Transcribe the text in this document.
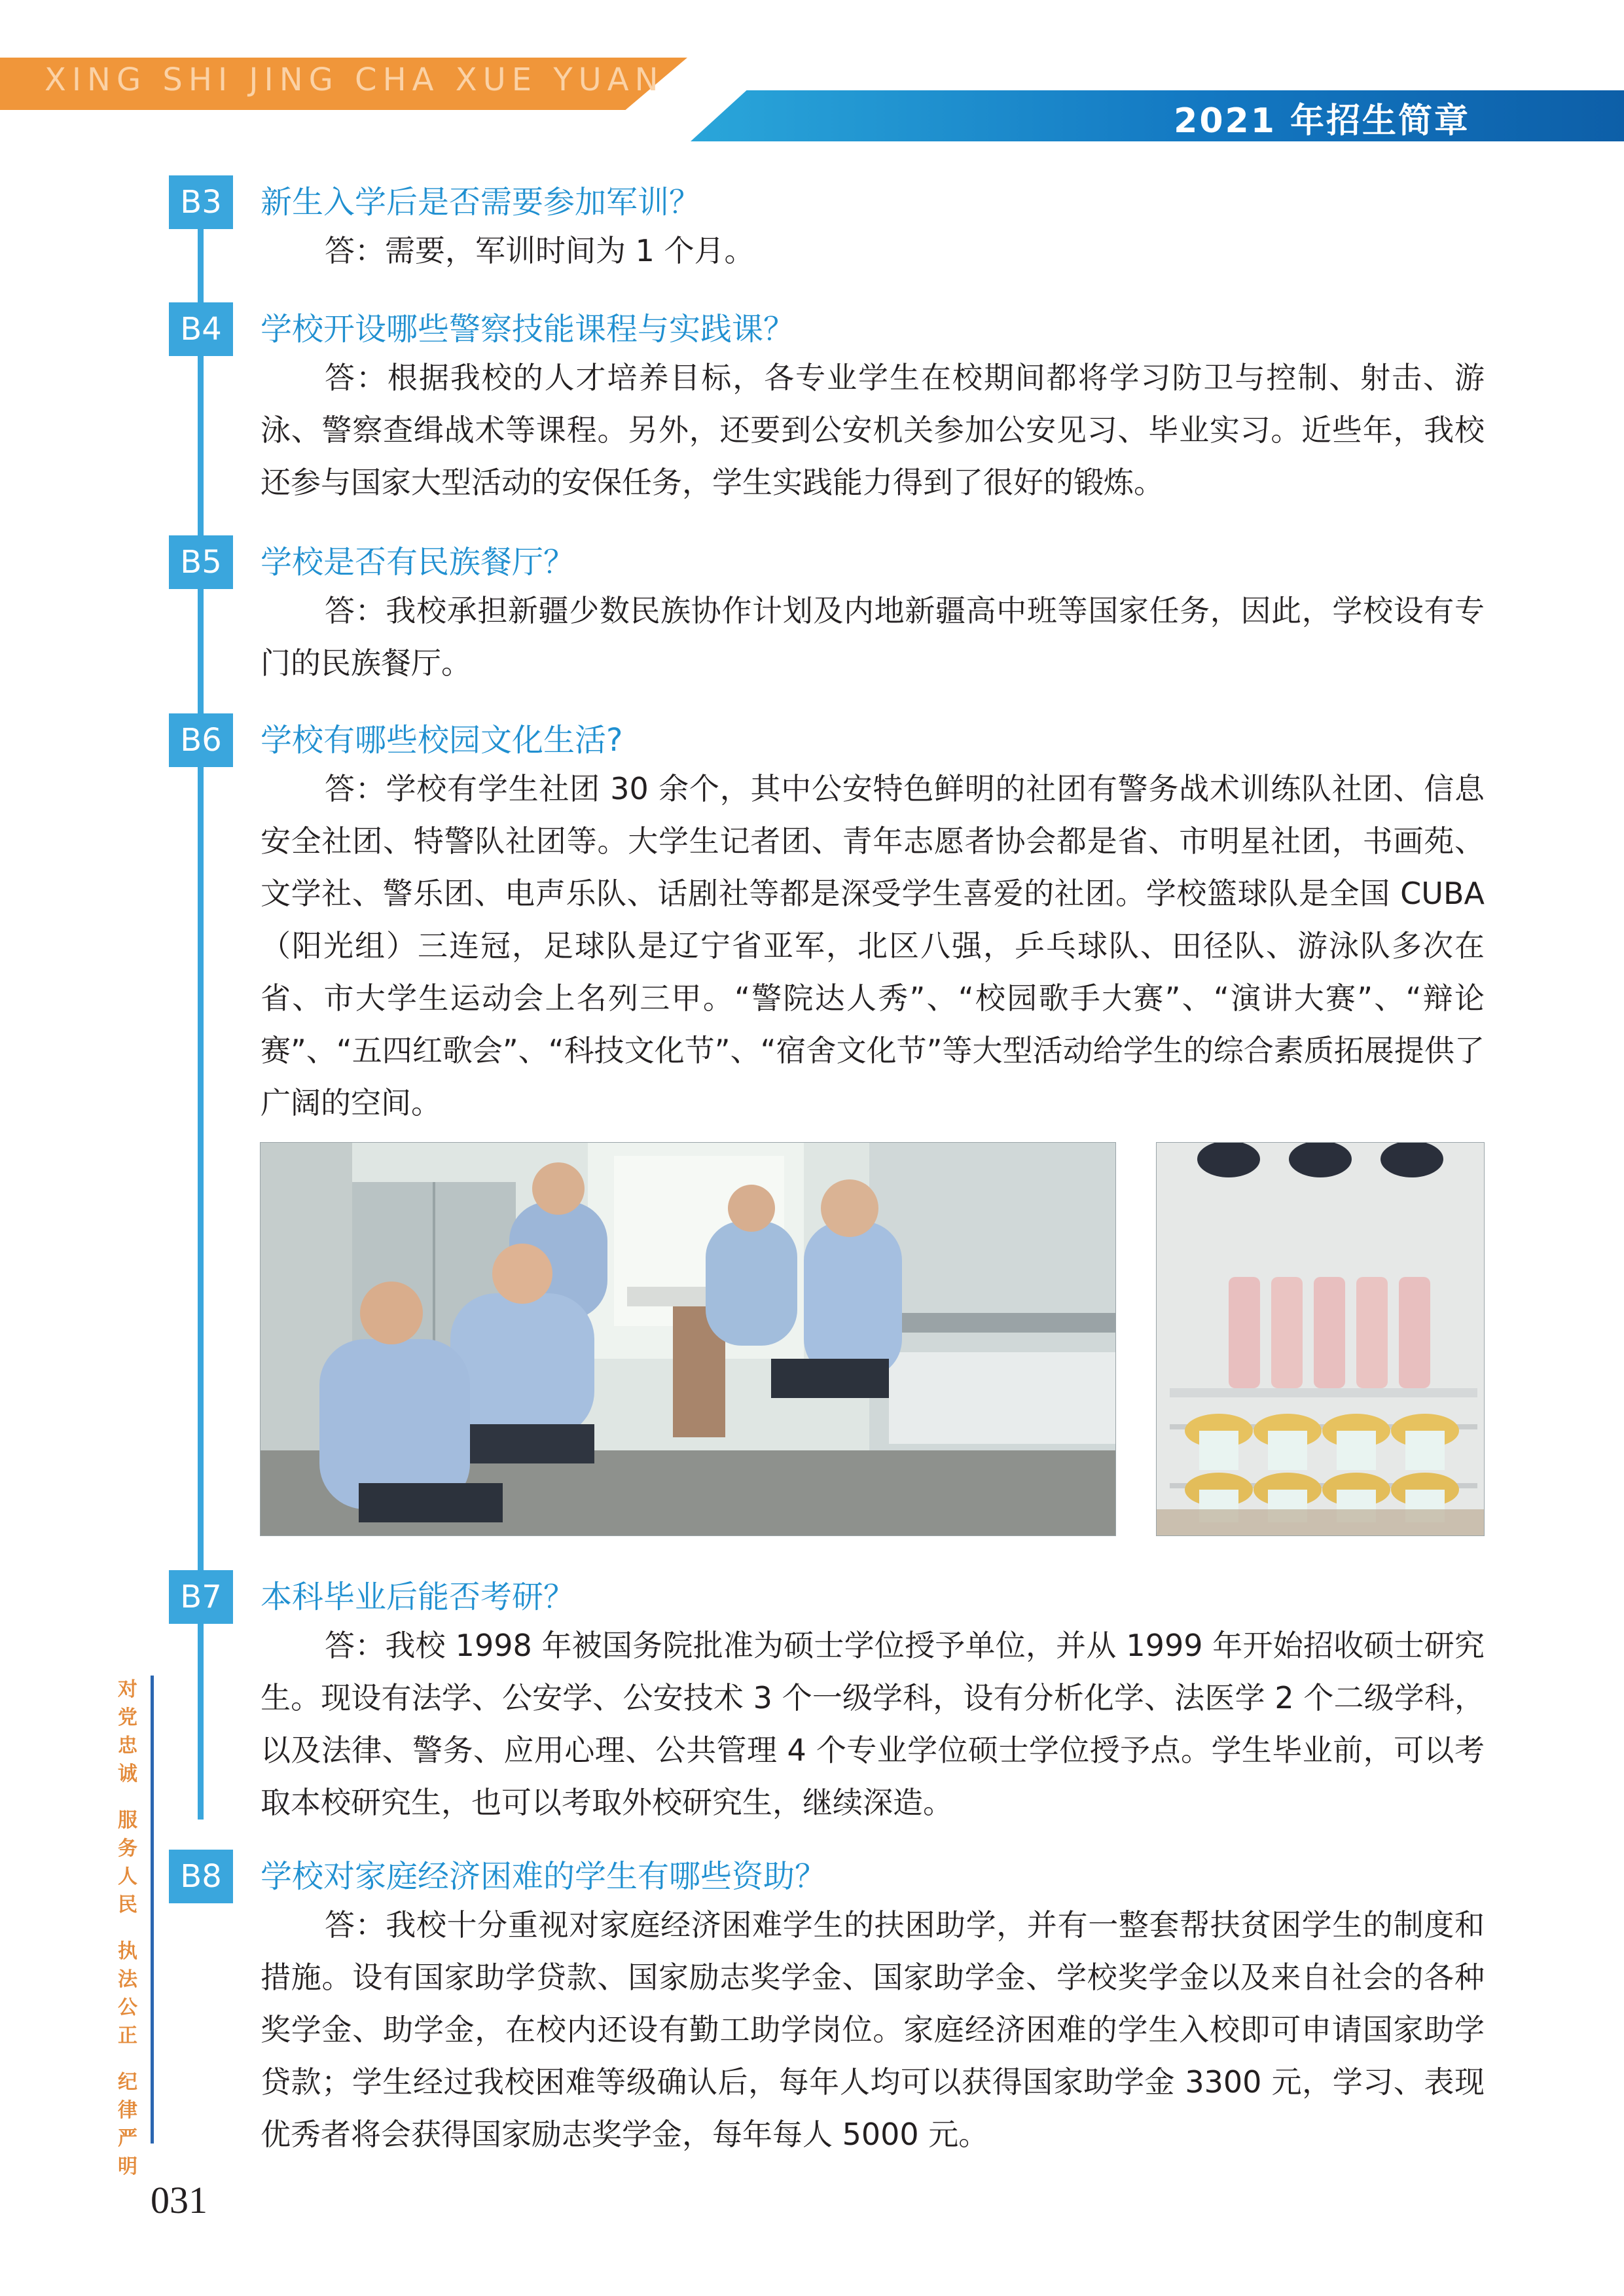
XING SHI JING CHA XUE YUAN
2021 年招生简章
对
党
忠
诚
服
务
人
民
执
法
公
正
纪
律
严
明
B3	新生入学后是否需要参加军训？

答：需要，军训时间为 1 个月。

B4	学校开设哪些警察技能课程与实践课？

答：根据我校的人才培养目标，各专业学生在校期间都将学习防卫与控制、射击、游泳、警察查缉战术等课程。另外，还要到公安机关参加公安见习、毕业实习。近些年，我校还参与国家大型活动的安保任务，学生实践能力得到了很好的锻炼。

B5	学校是否有民族餐厅？

答：我校承担新疆少数民族协作计划及内地新疆高中班等国家任务，因此，学校设有专门的民族餐厅。

B6	学校有哪些校园文化生活?

答：学校有学生社团 30 余个，其中公安特色鲜明的社团有警务战术训练队社团、信息安全社团、特警队社团等。大学生记者团、青年志愿者协会都是省、市明星社团，书画苑、文学社、警乐团、电声乐队、话剧社等都是深受学生喜爱的社团。学校篮球队是全国 CUBA（阳光组）三连冠，足球队是辽宁省亚军，北区八强，乒乓球队、田径队、游泳队多次在省、市大学生运动会上名列三甲。“警院达人秀”、“校园歌手大赛”、“演讲大赛”、“辩论赛”、“五四红歌会”、“科技文化节”、“宿舍文化节”等大型活动给学生的综合素质拓展提供了广阔的空间。

B7	本科毕业后能否考研？

答：我校 1998 年被国务院批准为硕士学位授予单位，并从 1999 年开始招收硕士研究生。现设有法学、公安学、公安技术 3 个一级学科，设有分析化学、法医学 2 个二级学科，以及法律、警务、应用心理、公共管理 4 个专业学位硕士学位授予点。学生毕业前，可以考取本校研究生，也可以考取外校研究生，继续深造。

B8	学校对家庭经济困难的学生有哪些资助？

答：我校十分重视对家庭经济困难学生的扶困助学，并有一整套帮扶贫困学生的制度和措施。设有国家助学贷款、国家励志奖学金、国家助学金、学校奖学金以及来自社会的各种奖学金、助学金，在校内还设有勤工助学岗位。家庭经济困难的学生入校即可申请国家助学贷款；学生经过我校困难等级确认后，每年人均可以获得国家助学金 3300 元，学习、表现优秀者将会获得国家励志奖学金，每年每人 5000 元。

031
